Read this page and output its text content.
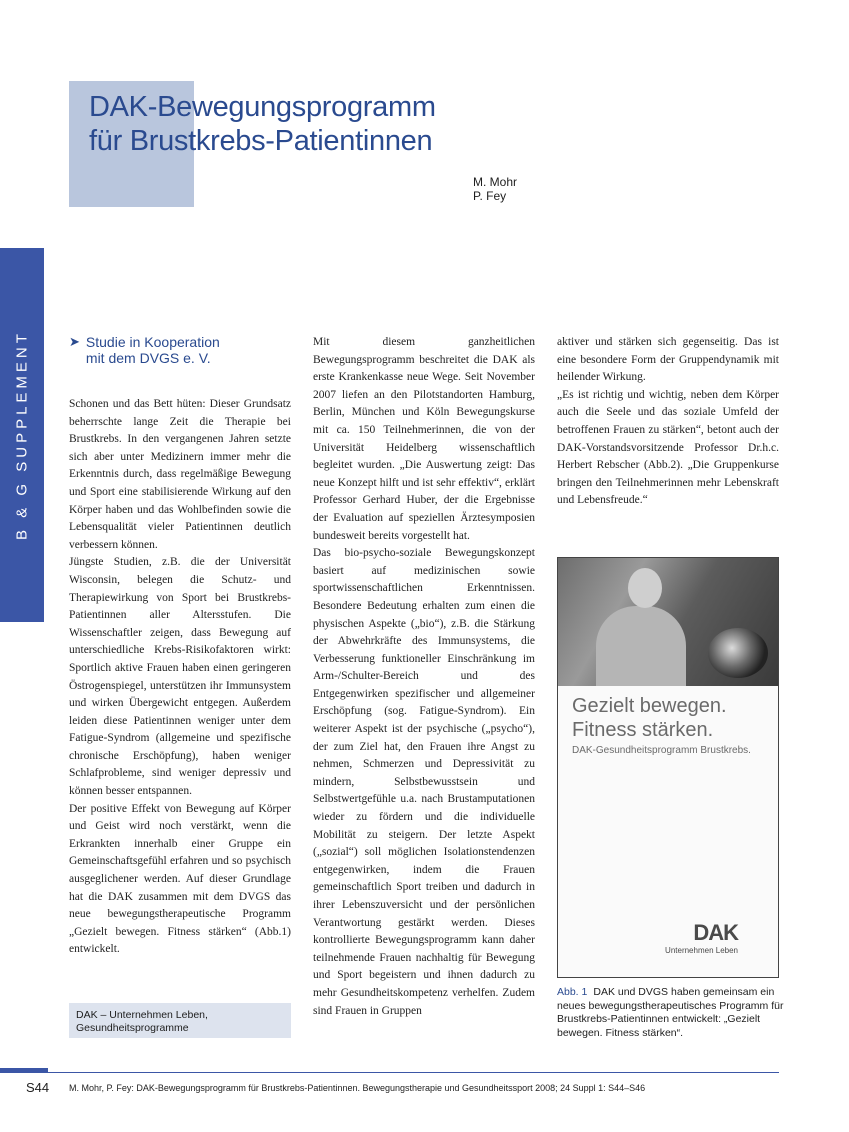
DAK-Bewegungsprogramm
für Brustkrebs-Patientinnen
M. Mohr
P. Fey
B & G SUPPLEMENT	➤ Studie in Kooperation
mit dem DVGS e. V.

Schonen und das Bett hüten: Dieser Grundsatz beherrschte lange Zeit die Therapie bei Brustkrebs. In den vergangenen Jahren setzte sich aber unter Medizinern immer mehr die Erkenntnis durch, dass regelmäßige Bewegung und Sport eine stabilisierende Wirkung auf den Körper haben und das Wohlbefinden sowie die Lebensqualität vieler Patientinnen deutlich verbessern können.

Jüngste Studien, z.B. die der Universität Wisconsin, belegen die Schutz- und Therapiewirkung von Sport bei Brustkrebs-Patientinnen aller Altersstufen. Die Wissenschaftler zeigen, dass Bewegung auf unterschiedliche Krebs-Risikofaktoren wirkt: Sportlich aktive Frauen haben einen geringeren Östrogenspiegel, unterstützen ihr Immunsystem und wirken Übergewicht entgegen. Außerdem leiden diese Patientinnen weniger unter dem Fatigue-Syndrom (allgemeine und spezifische chronische Erschöpfung), haben weniger Schlafprobleme, sind weniger depressiv und können besser entspannen.

Der positive Effekt von Bewegung auf Körper und Geist wird noch verstärkt, wenn die Erkrankten innerhalb einer Gruppe ein Gemeinschaftsgefühl erfahren und so psychisch ausgeglichener werden. Auf dieser Grundlage hat die DAK zusammen mit dem DVGS das neue bewegungstherapeutische Programm „Gezielt bewegen. Fitness stärken“ (Abb.1) entwickelt.

DAK – Unternehmen Leben,
Gesundheitsprogramme

Mit diesem ganzheitlichen Bewegungsprogramm beschreitet die DAK als erste Krankenkasse neue Wege. Seit November 2007 liefen an den Pilotstandorten Hamburg, Berlin, München und Köln Bewegungskurse mit ca. 150 Teilnehmerinnen, die von der Universität Heidelberg wissenschaftlich begleitet wurden. „Die Auswertung zeigt: Das neue Konzept hilft und ist sehr effektiv“, erklärt Professor Gerhard Huber, der die Ergebnisse der Evaluation auf speziellen Ärztesymposien bundesweit bereits vorgestellt hat.

Das bio-psycho-soziale Bewegungskonzept basiert auf medizinischen sowie sportwissenschaftlichen Erkenntnissen. Besondere Bedeutung erhalten zum einen die physischen Aspekte („bio“), z.B. die Stärkung der Abwehrkräfte des Immunsystems, die Verbesserung funktioneller Einschränkung im Arm-/Schulter-Bereich und des Entgegenwirken spezifischer und allgemeiner Erschöpfung (sog. Fatigue-Syndrom). Ein weiterer Aspekt ist der psychische („psycho“), der zum Ziel hat, den Frauen ihre Angst zu nehmen, Schmerzen und Depressivität zu mindern, Selbstbewusstsein und Selbstwertgefühle u.a. nach Brustamputationen wieder zu fördern und die individuelle Mobilität zu steigern. Der letzte Aspekt („sozial“) soll möglichen Isolationstendenzen entgegenwirken, indem die Frauen gemeinschaftlich Sport treiben und dadurch in ihrer Lebenszuversicht und der persönlichen Verantwortung gestärkt werden. Dieses kontrollierte Bewegungsprogramm kann daher teilnehmende Frauen nachhaltig für Bewegung und Sport begeistern und ihnen dadurch zu mehr Gesundheitskompetenz verhelfen. Zudem sind Frauen in Gruppen

aktiver und stärken sich gegenseitig. Das ist eine besondere Form der Gruppendynamik mit heilender Wirkung.

„Es ist richtig und wichtig, neben dem Körper auch die Seele und das soziale Umfeld der betroffenen Frauen zu stärken“, betont auch der DAK-Vorstandsvorsitzende Professor Dr.h.c. Herbert Rebscher (Abb.2). „Die Gruppenkurse bringen den Teilnehmerinnen mehr Lebenskraft und Lebensfreude.“

Gezielt bewegen.
Fitness stärken.
DAK-Gesundheitsprogramm Brustkrebs.
DAK
Unternehmen Leben
Abb. 1 DAK und DVGS haben gemeinsam ein neues bewegungstherapeutisches Programm für Brustkrebs-Patientinnen entwickelt: „Gezielt bewegen. Fitness stärken“.
S44 M. Mohr, P. Fey: DAK-Bewegungsprogramm für Brustkrebs-Patientinnen. Bewegungstherapie und Gesundheitssport 2008; 24 Suppl 1: S44–S46
